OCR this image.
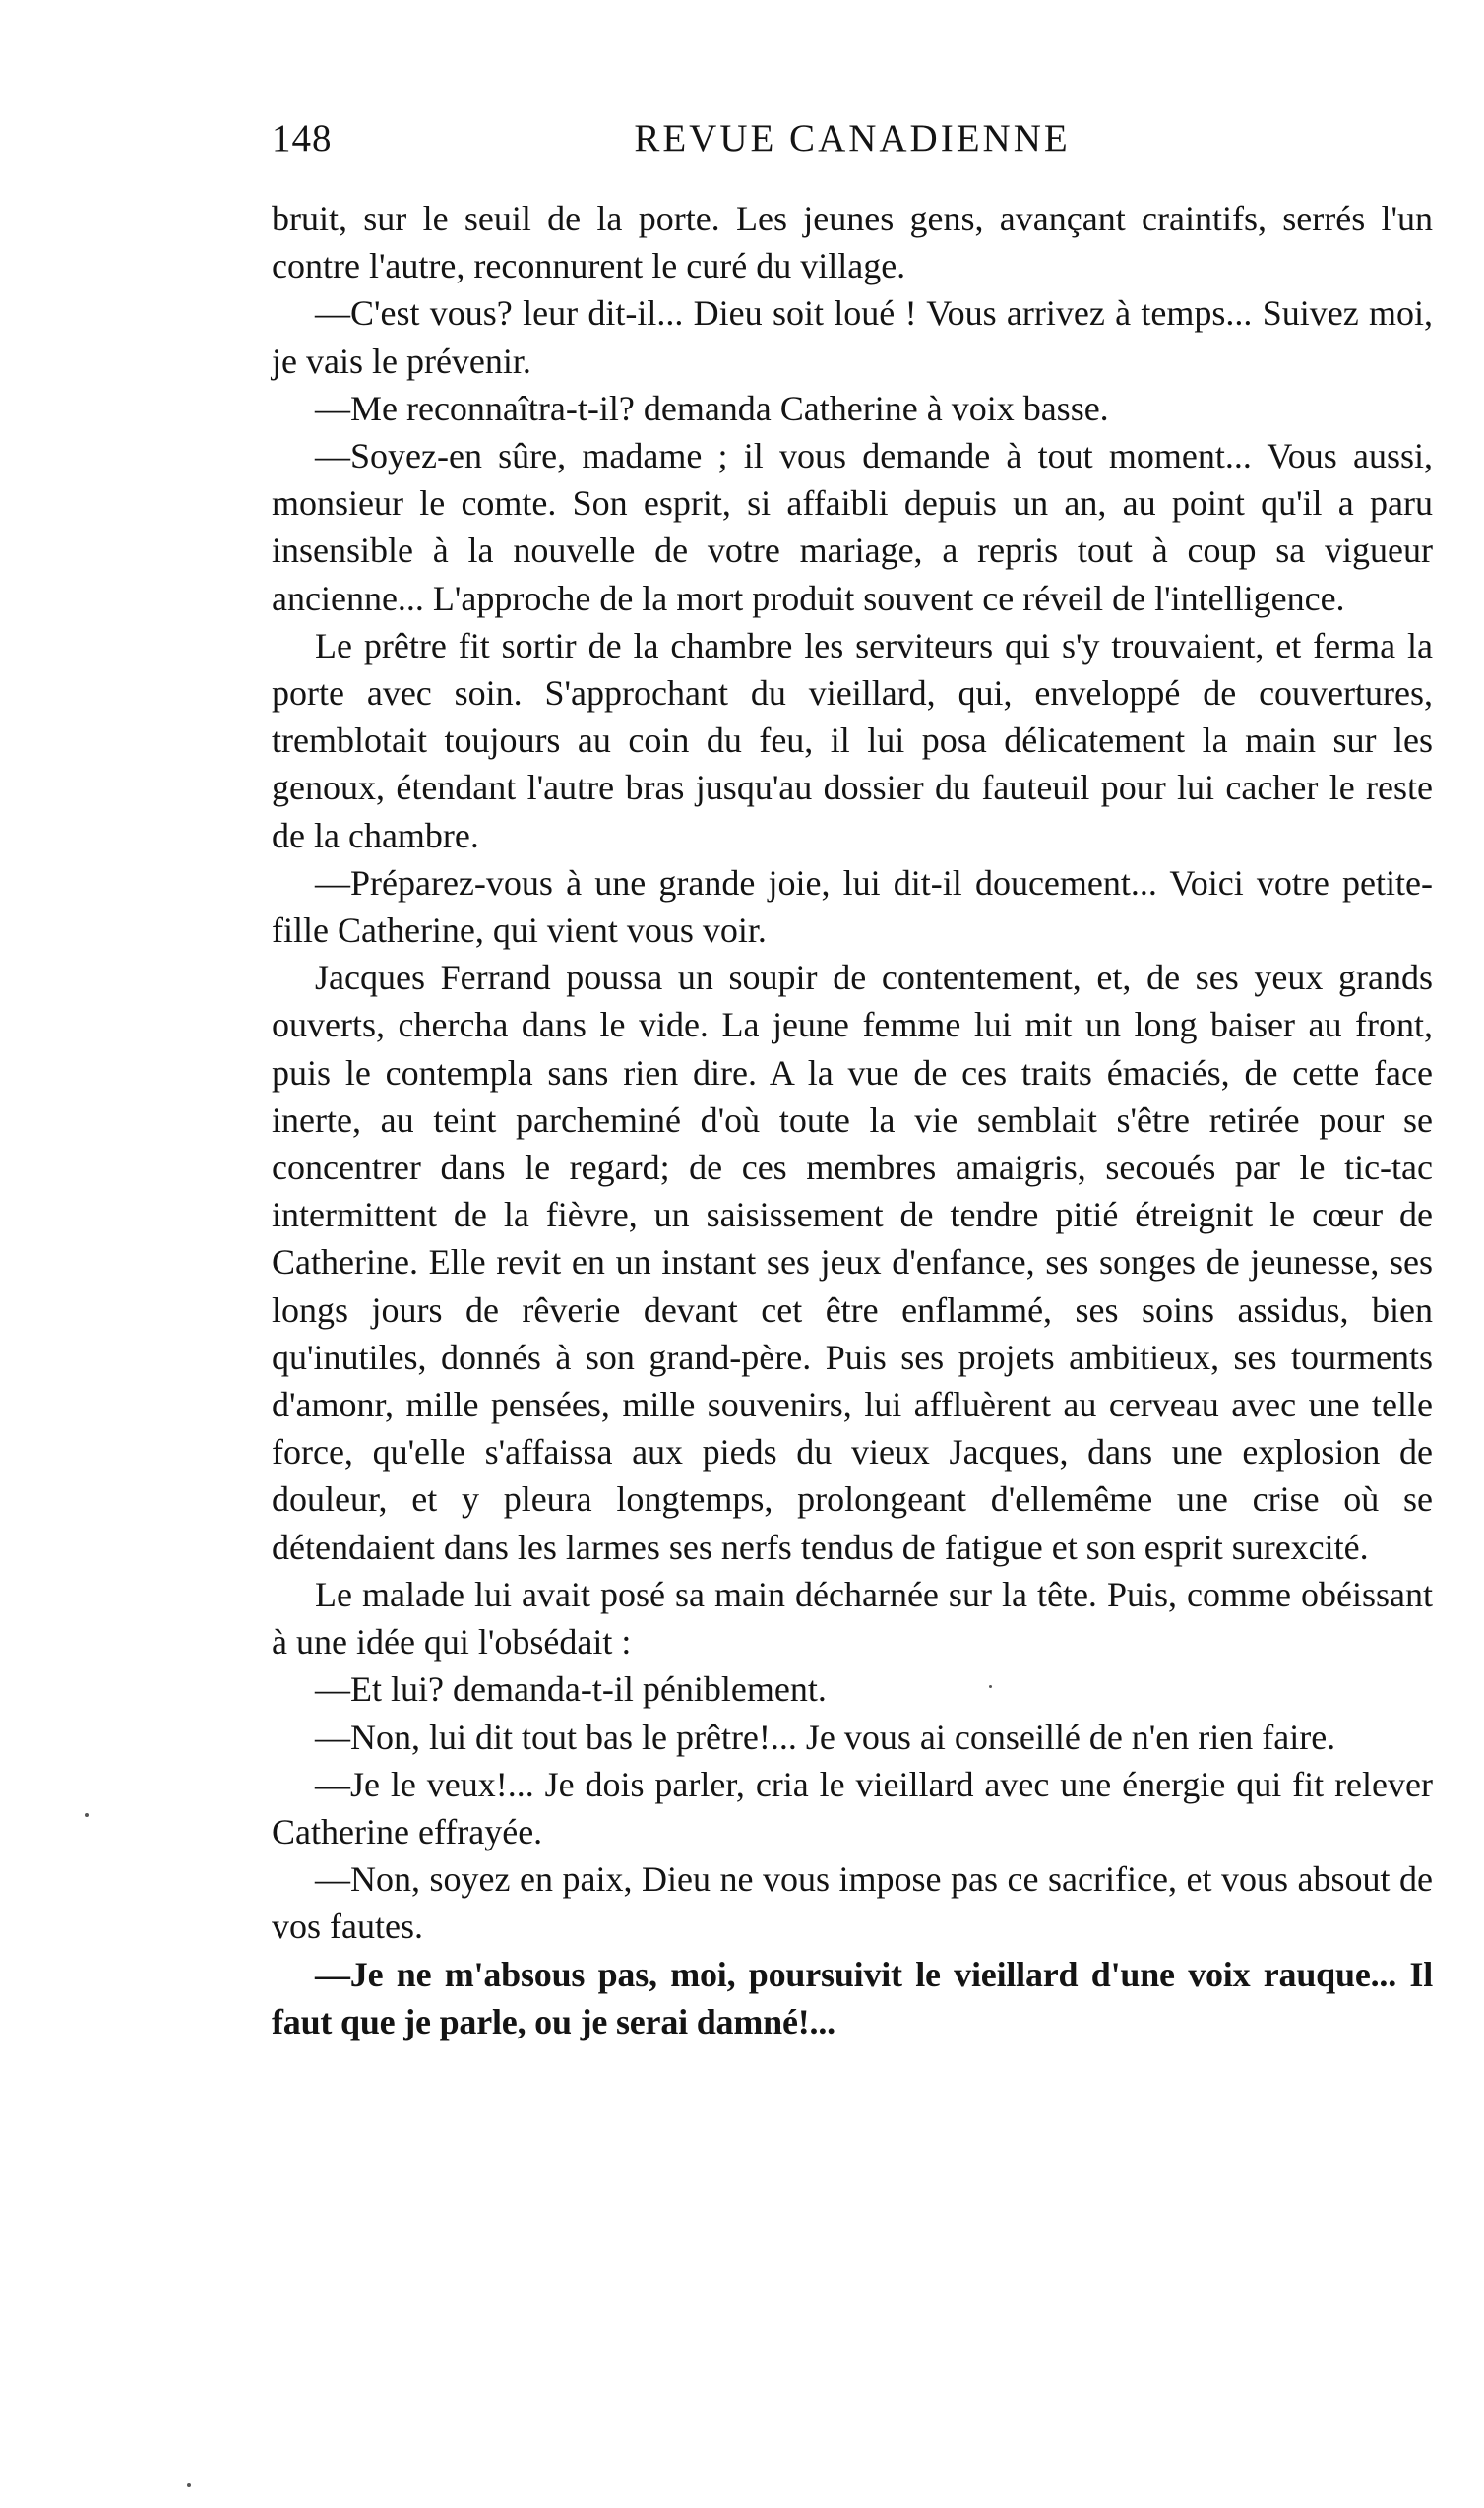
148	REVUE CANADIENNE

bruit, sur le seuil de la porte. Les jeunes gens, avançant craintifs, serrés l'un contre l'autre, reconnurent le curé du village.

—C'est vous? leur dit-il... Dieu soit loué ! Vous arrivez à temps... Suivez moi, je vais le prévenir.

—Me reconnaîtra-t-il? demanda Catherine à voix basse.

—Soyez-en sûre, madame ; il vous demande à tout moment... Vous aussi, monsieur le comte. Son esprit, si affaibli depuis un an, au point qu'il a paru insensible à la nouvelle de votre mariage, a repris tout à coup sa vigueur ancienne... L'approche de la mort produit souvent ce réveil de l'intelligence.

Le prêtre fit sortir de la chambre les serviteurs qui s'y trouvaient, et ferma la porte avec soin. S'approchant du vieillard, qui, enveloppé de couvertures, tremblotait toujours au coin du feu, il lui posa délicatement la main sur les genoux, étendant l'autre bras jusqu'au dossier du fauteuil pour lui cacher le reste de la chambre.

—Préparez-vous à une grande joie, lui dit-il doucement... Voici votre petite-fille Catherine, qui vient vous voir.

Jacques Ferrand poussa un soupir de contentement, et, de ses yeux grands ouverts, chercha dans le vide. La jeune femme lui mit un long baiser au front, puis le contempla sans rien dire. A la vue de ces traits émaciés, de cette face inerte, au teint parcheminé d'où toute la vie semblait s'être retirée pour se concentrer dans le regard; de ces membres amaigris, secoués par le tic-tac intermittent de la fièvre, un saisissement de tendre pitié étreignit le cœur de Catherine. Elle revit en un instant ses jeux d'enfance, ses songes de jeunesse, ses longs jours de rêverie devant cet être enflammé, ses soins assidus, bien qu'inutiles, donnés à son grand-père. Puis ses projets ambitieux, ses tourments d'amonr, mille pensées, mille souvenirs, lui affluèrent au cerveau avec une telle force, qu'elle s'affaissa aux pieds du vieux Jacques, dans une explosion de douleur, et y pleura longtemps, prolongeant d'ellemême une crise où se détendaient dans les larmes ses nerfs tendus de fatigue et son esprit surexcité.

Le malade lui avait posé sa main décharnée sur la tête. Puis, comme obéissant à une idée qui l'obsédait :

—Et lui? demanda-t-il péniblement.

—Non, lui dit tout bas le prêtre!... Je vous ai conseillé de n'en rien faire.

—Je le veux!... Je dois parler, cria le vieillard avec une énergie qui fit relever Catherine effrayée.

—Non, soyez en paix, Dieu ne vous impose pas ce sacrifice, et vous absout de vos fautes.

—Je ne m'absous pas, moi, poursuivit le vieillard d'une voix rauque... Il faut que je parle, ou je serai damné!...
